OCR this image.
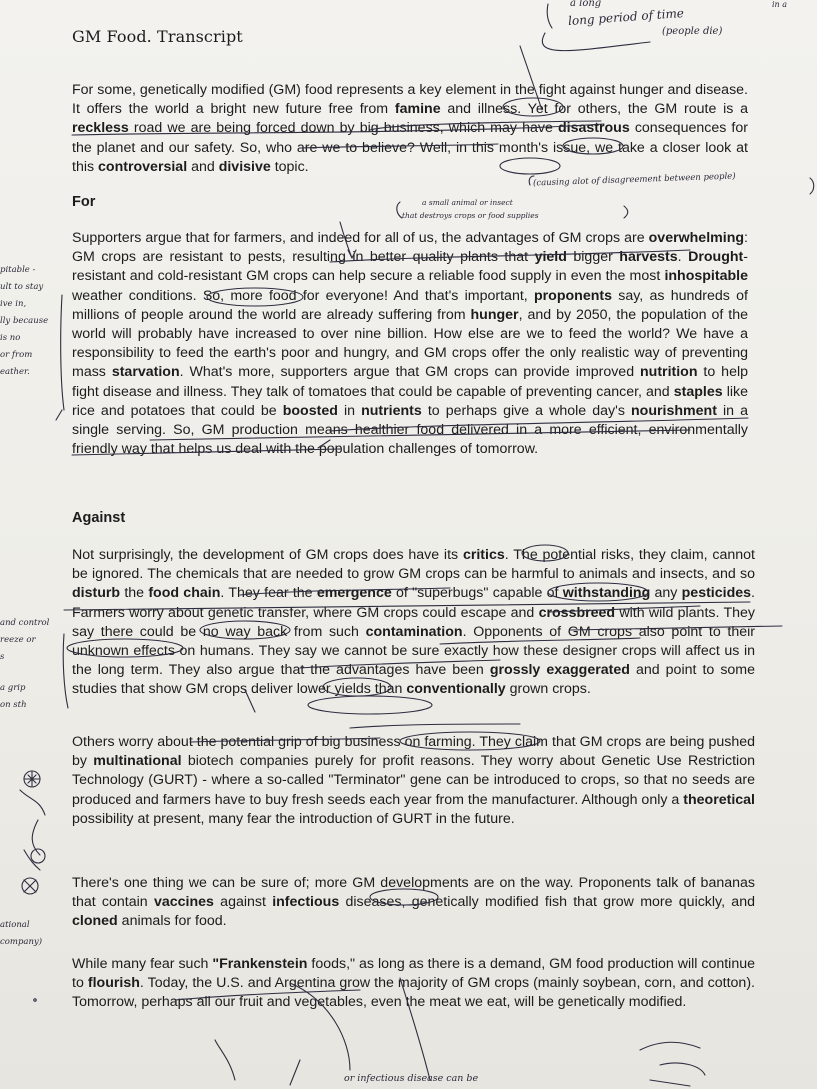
GM Food. Transcript
For some, genetically modified (GM) food represents a key element in the fight against hunger and disease. It offers the world a bright new future free from famine and illness. Yet for others, the GM route is a reckless road we are being forced down by big business, which may have disastrous consequences for the planet and our safety. So, who are we to believe? Well, in this month's issue, we take a closer look at this controversial and divisive topic.
For
Supporters argue that for farmers, and indeed for all of us, the advantages of GM crops are overwhelming: GM crops are resistant to pests, resulting in better quality plants that yield bigger harvests. Drought-resistant and cold-resistant GM crops can help secure a reliable food supply in even the most inhospitable weather conditions. So, more food for everyone! And that's important, proponents say, as hundreds of millions of people around the world are already suffering from hunger, and by 2050, the population of the world will probably have increased to over nine billion. How else are we to feed the world? We have a responsibility to feed the earth's poor and hungry, and GM crops offer the only realistic way of preventing mass starvation. What's more, supporters argue that GM crops can provide improved nutrition to help fight disease and illness. They talk of tomatoes that could be capable of preventing cancer, and staples like rice and potatoes that could be boosted in nutrients to perhaps give a whole day's nourishment in a single serving. So, GM production means healthier food delivered in a more efficient, environmentally friendly way that helps us deal with the population challenges of tomorrow.
Against
Not surprisingly, the development of GM crops does have its critics. The potential risks, they claim, cannot be ignored. The chemicals that are needed to grow GM crops can be harmful to animals and insects, and so disturb the food chain. They fear the emergence of "superbugs" capable of withstanding any pesticides. Farmers worry about genetic transfer, where GM crops could escape and crossbreed with wild plants. They say there could be no way back from such contamination. Opponents of GM crops also point to their unknown effects on humans. They say we cannot be sure exactly how these designer crops will affect us in the long term. They also argue that the advantages have been grossly exaggerated and point to some studies that show GM crops deliver lower yields than conventionally grown crops.
Others worry about the potential grip of big business on farming. They claim that GM crops are being pushed by multinational biotech companies purely for profit reasons. They worry about Genetic Use Restriction Technology (GURT) - where a so-called "Terminator" gene can be introduced to crops, so that no seeds are produced and farmers have to buy fresh seeds each year from the manufacturer. Although only a theoretical possibility at present, many fear the introduction of GURT in the future.
There's one thing we can be sure of; more GM developments are on the way. Proponents talk of bananas that contain vaccines against infectious diseases, genetically modified fish that grow more quickly, and cloned animals for food.
While many fear such "Frankenstein foods," as long as there is a demand, GM food production will continue to flourish. Today, the U.S. and Argentina grow the majority of GM crops (mainly soybean, corn, and cotton). Tomorrow, perhaps all our fruit and vegetables, even the meat we eat, will be genetically modified.
a long
long period of time
(people die)
in a
(causing alot of disagreement between people)
a small animal or insect
that destroys crops or food supplies
pitable -
ult to stay
ive in,
lly because
is no
or from
eather.
and control
reeze or
s
a grip
on sth
ational
company)
or infectious disease can be
